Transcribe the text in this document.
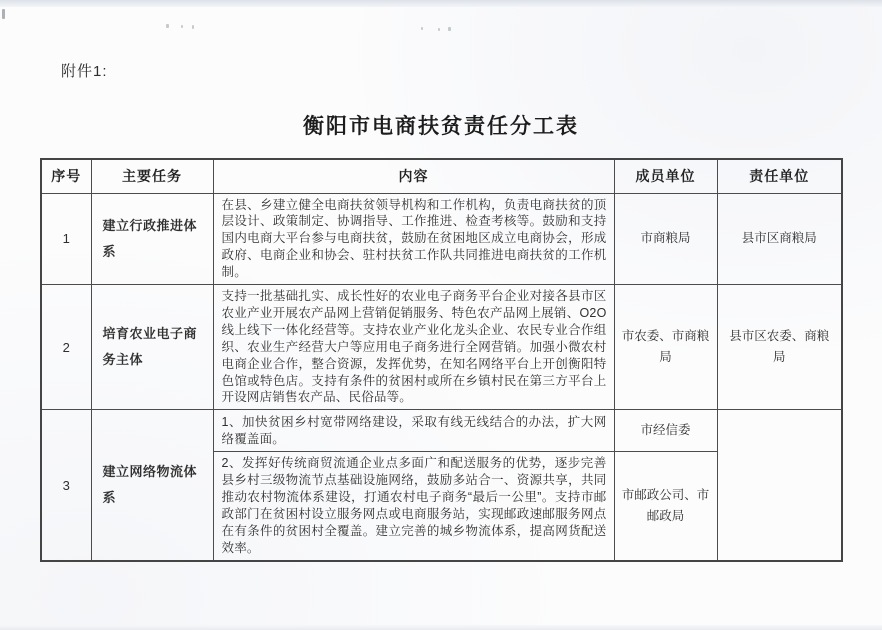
附件1:
衡阳市电商扶贫责任分工表
序号	主要任务	内容	成员单位	责任单位
1	建立行政推进体系	在县、乡建立健全电商扶贫领导机构和工作机构，负责电商扶贫的顶层设计、政策制定、协调指导、工作推进、检查考核等。鼓励和支持国内电商大平台参与电商扶贫，鼓励在贫困地区成立电商协会，形成政府、电商企业和协会、驻村扶贫工作队共同推进电商扶贫的工作机制。	市商粮局	县市区商粮局
2	培育农业电子商务主体	支持一批基础扎实、成长性好的农业电子商务平台企业对接各县市区农业产业开展农产品网上营销促销服务、特色农产品网上展销、O2O线上线下一体化经营等。支持农业产业化龙头企业、农民专业合作组织、农业生产经营大户等应用电子商务进行全网营销。加强小微农村电商企业合作，整合资源，发挥优势，在知名网络平台上开创衡阳特色馆或特色店。支持有条件的贫困村或所在乡镇村民在第三方平台上开设网店销售农产品、民俗品等。	市农委、市商粮局	县市区农委、商粮局
3	建立网络物流体系	1、加快贫困乡村宽带网络建设，采取有线无线结合的办法，扩大网络覆盖面。	市经信委	
		2、发挥好传统商贸流通企业点多面广和配送服务的优势，逐步完善县乡村三级物流节点基础设施网络，鼓励多站合一、资源共享，共同推动农村物流体系建设，打通农村电子商务“最后一公里”。支持市邮政部门在贫困村设立服务网点或电商服务站，实现邮政速邮服务网点在有条件的贫困村全覆盖。建立完善的城乡物流体系，提高网货配送效率。	市邮政公司、市邮政局	
